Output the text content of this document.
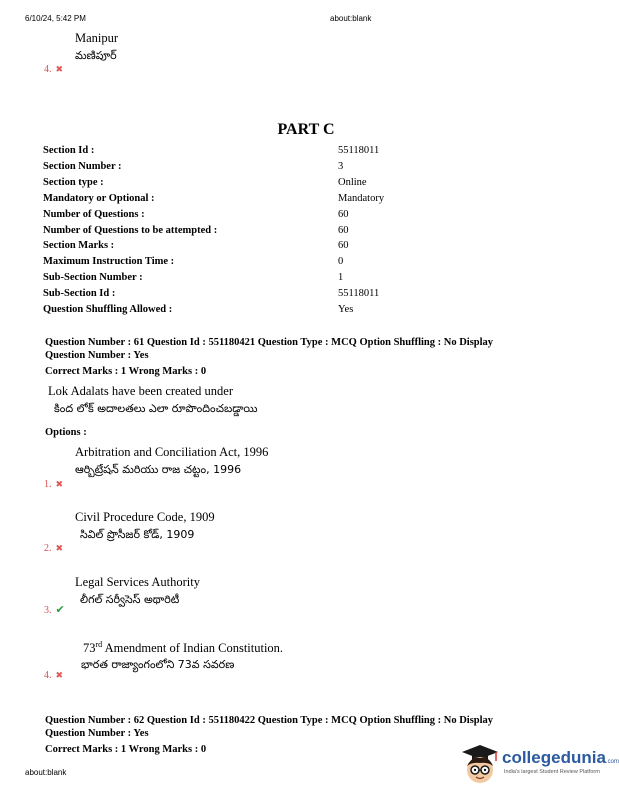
6/10/24, 5:42 PM	about:blank
Manipur
మణిపూర్
4. ✖
PART C
Section Id :	55118011
Section Number :	3
Section type :	Online
Mandatory or Optional :	Mandatory
Number of Questions :	60
Number of Questions to be attempted :	60
Section Marks :	60
Maximum Instruction Time :	0
Sub-Section Number :	1
Sub-Section Id :	55118011
Question Shuffling Allowed :	Yes
Question Number : 61 Question Id : 551180421 Question Type : MCQ Option Shuffling : No Display
Question Number : Yes
Correct Marks : 1 Wrong Marks : 0
Lok Adalats have been created under
కింద లోక్ అదాలతలు ఎలా రూపొందించబడ్డాయి
Options :
Arbitration and Conciliation Act, 1996
ఆర్బిట్రేషన్ మరియు రాజ చట్టం, 1996
1. ✖
Civil Procedure Code, 1909
సివిల్ ప్రొసీజర్ కోడ్, 1909
2. ✖
Legal Services Authority
లీగల్ సర్వీసెస్ అథారిటీ
3. ✔
73rd Amendment of Indian Constitution.
భారత రాజ్యాంగంలోని 73వ సవరణ
4. ✖
Question Number : 62 Question Id : 551180422 Question Type : MCQ Option Shuffling : No Display
Question Number : Yes
Correct Marks : 1 Wrong Marks : 0
about:blank
collegedunia.com
India's largest Student Review Platform
